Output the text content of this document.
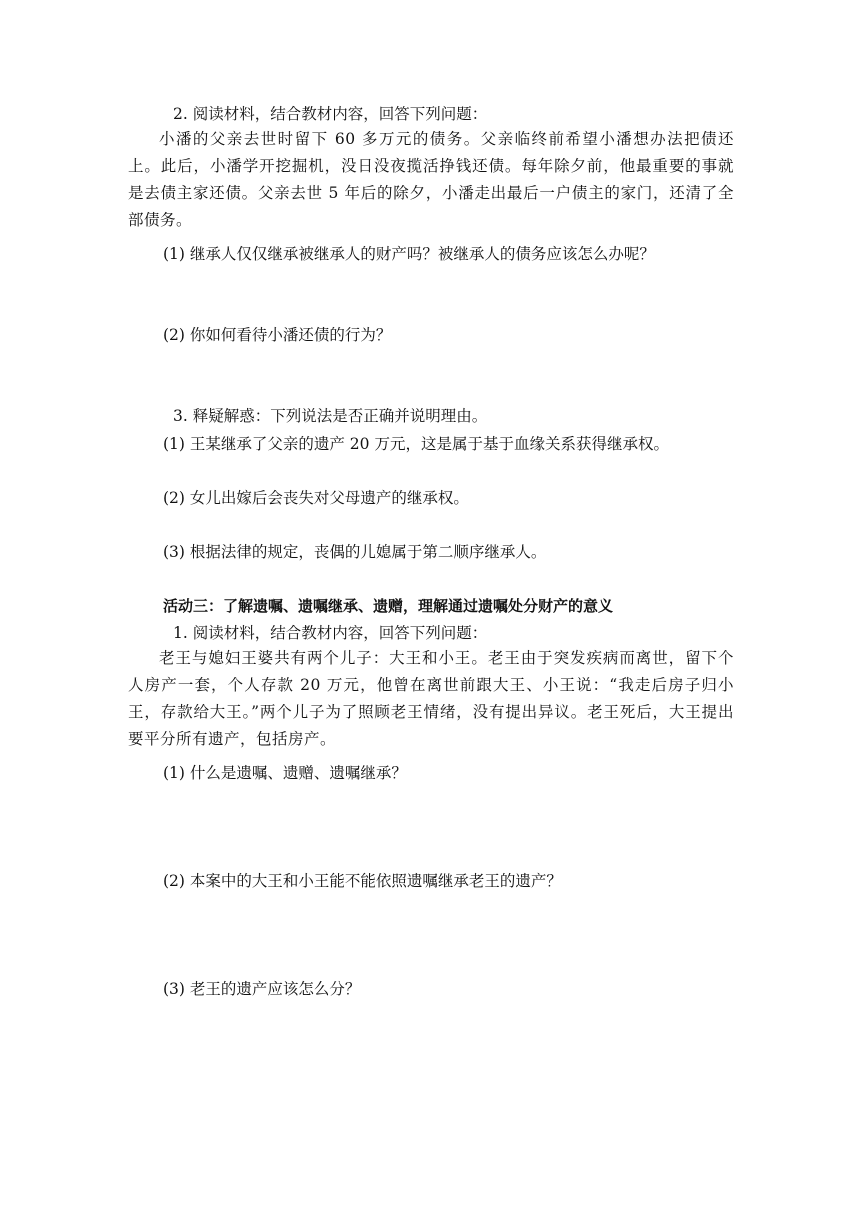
2. 阅读材料，结合教材内容，回答下列问题：
小潘的父亲去世时留下 60 多万元的债务。父亲临终前希望小潘想办法把债还上。此后，小潘学开挖掘机，没日没夜揽活挣钱还债。每年除夕前，他最重要的事就是去债主家还债。父亲去世 5 年后的除夕，小潘走出最后一户债主的家门，还清了全部债务。
(1) 继承人仅仅继承被继承人的财产吗？被继承人的债务应该怎么办呢？
(2) 你如何看待小潘还债的行为？
3. 释疑解惑：下列说法是否正确并说明理由。
(1) 王某继承了父亲的遗产 20 万元，这是属于基于血缘关系获得继承权。
(2) 女儿出嫁后会丧失对父母遗产的继承权。
(3) 根据法律的规定，丧偶的儿媳属于第二顺序继承人。
活动三：了解遗嘱、遗嘱继承、遗赠，理解通过遗嘱处分财产的意义
1. 阅读材料，结合教材内容，回答下列问题：
老王与媳妇王婆共有两个儿子：大王和小王。老王由于突发疾病而离世，留下个人房产一套，个人存款 20 万元，他曾在离世前跟大王、小王说：“我走后房子归小王，存款给大王。”两个儿子为了照顾老王情绪，没有提出异议。老王死后，大王提出要平分所有遗产，包括房产。
(1) 什么是遗嘱、遗赠、遗嘱继承？
(2) 本案中的大王和小王能不能依照遗嘱继承老王的遗产？
(3) 老王的遗产应该怎么分？
